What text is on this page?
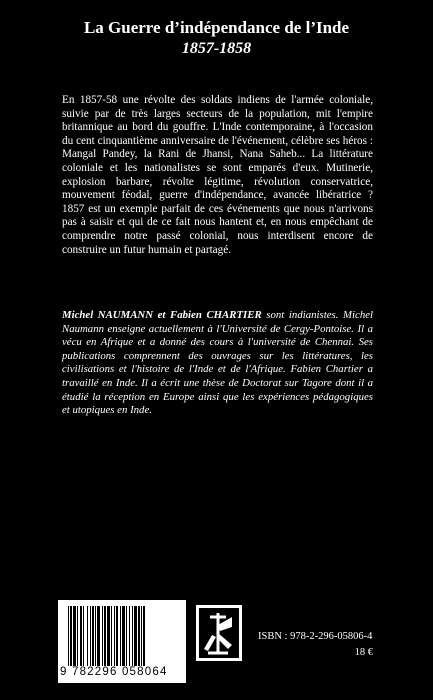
La Guerre d’indépendance de l’Inde
1857-1858

En 1857-58 une révolte des soldats indiens de l'armée coloniale, suivie par de très larges secteurs de la population, mit l'empire britannique au bord du gouffre. L'Inde contemporaine, à l'occasion du cent cinquantième anniversaire de l'événement, célèbre ses héros : Mangal Pandey, la Rani de Jhansi, Nana Saheb... La littérature coloniale et les nationalistes se sont emparés d'eux. Mutinerie, explosion barbare, révolte légitime, révolution conservatrice, mouvement féodal, guerre d'indépendance, avancée libératrice ? 1857 est un exemple parfait de ces événements que nous n'arrivons pas à saisir et qui de ce fait nous hantent et, en nous empêchant de comprendre notre passé colonial, nous interdisent encore de construire un futur humain et partagé.

Michel NAUMANN et Fabien CHARTIER sont indianistes. Michel Naumann enseigne actuellement à l'Université de Cergy-Pontoise. Il a vécu en Afrique et a donné des cours à l'université de Chennai. Ses publications comprennent des ouvrages sur les littératures, les civilisations et l'histoire de l'Inde et de l'Afrique. Fabien Chartier a travaillé en Inde. Il a écrit une thèse de Doctorat sur Tagore dont il a étudié la réception en Europe ainsi que les expériences pédagogiques et utopiques en Inde.

9 782296 058064
ISBN : 978-2-296-05806-4
18 €
